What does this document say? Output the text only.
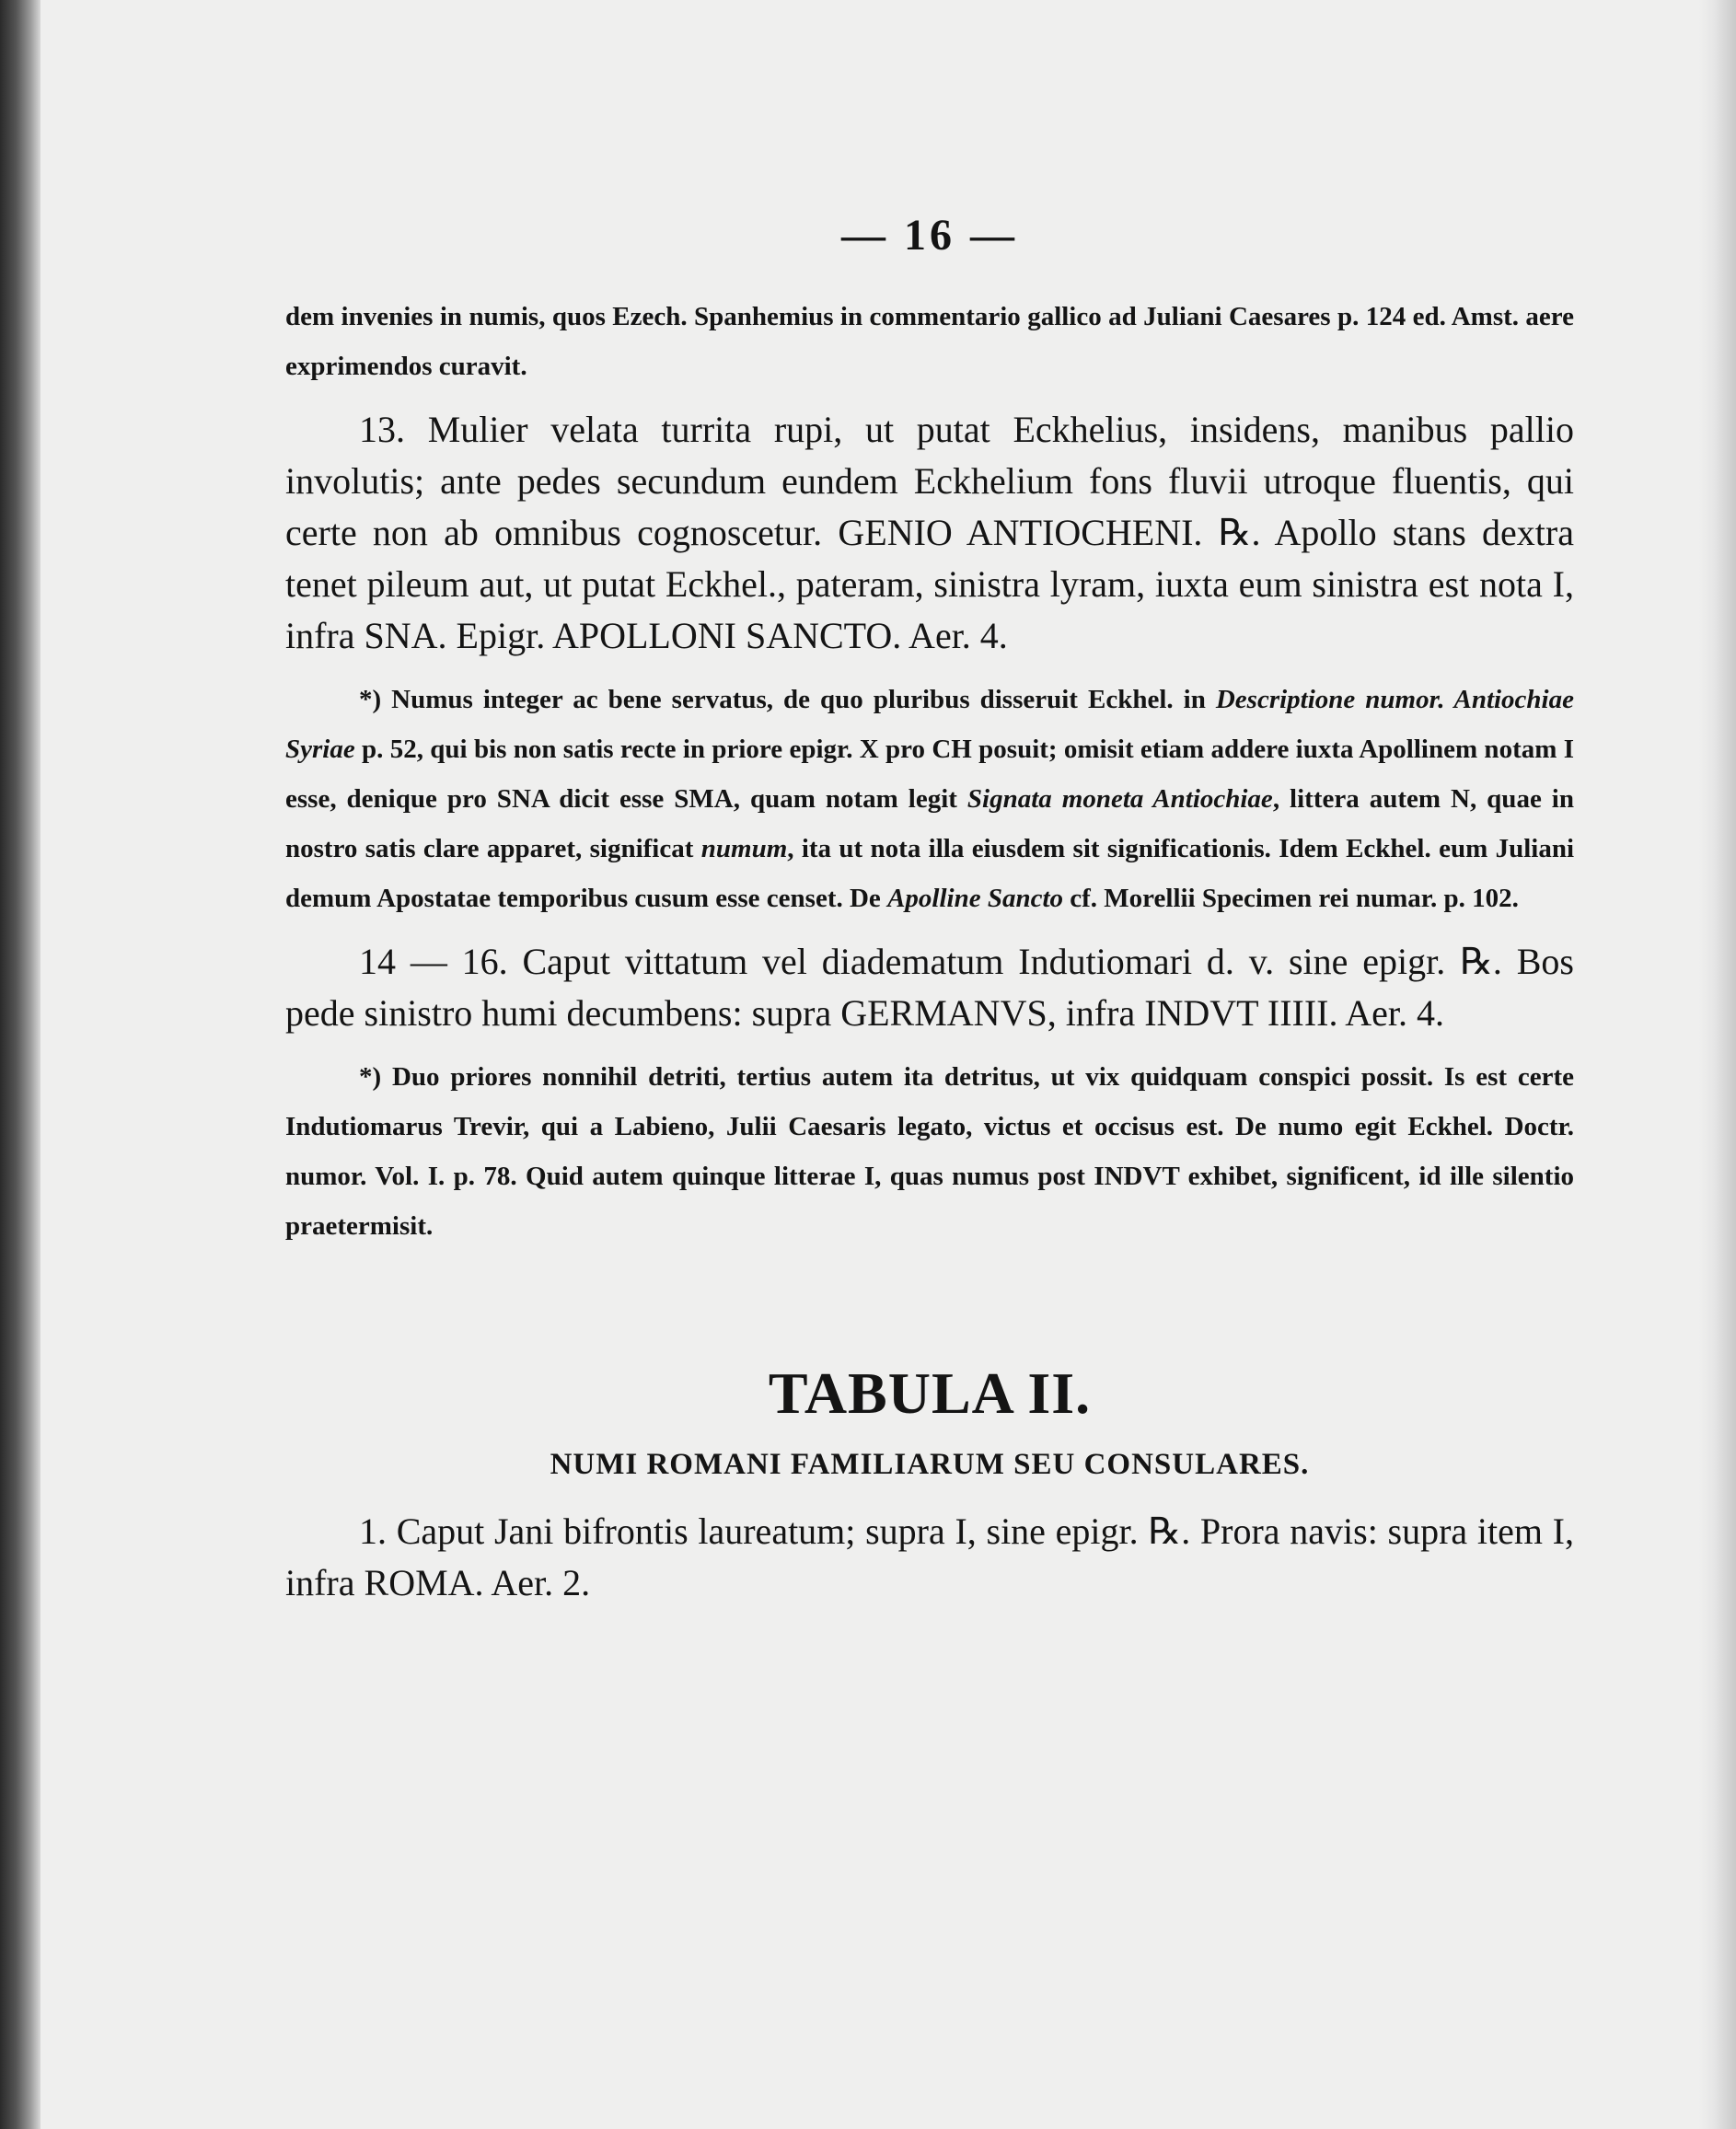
— 16 —

dem invenies in numis, quos Ezech. Spanhemius in commentario gallico ad Juliani Caesares p. 124 ed. Amst. aere exprimendos curavit.

13. Mulier velata turrita rupi, ut putat Eckhelius, insidens, manibus pallio involutis; ante pedes secundum eundem Eckhelium fons fluvii utroque fluentis, qui certe non ab omnibus cognoscetur. GENIO ANTIOCHENI. ℞. Apollo stans dextra tenet pileum aut, ut putat Eckhel., pateram, sinistra lyram, iuxta eum sinistra est nota I, infra SNA. Epigr. APOLLONI SANCTO. Aer. 4.

*) Numus integer ac bene servatus, de quo pluribus disseruit Eckhel. in Descriptione numor. Antiochiae Syriae p. 52, qui bis non satis recte in priore epigr. X pro CH posuit; omisit etiam addere iuxta Apollinem notam I esse, denique pro SNA dicit esse SMA, quam notam legit Signata moneta Antiochiae, littera autem N, quae in nostro satis clare apparet, significat numum, ita ut nota illa eiusdem sit significationis. Idem Eckhel. eum Juliani demum Apostatae temporibus cusum esse censet. De Apolline Sancto cf. Morellii Specimen rei numar. p. 102.

14 — 16. Caput vittatum vel diadematum Indutiomari d. v. sine epigr. ℞. Bos pede sinistro humi decumbens: supra GERMANVS, infra INDVT IIIII. Aer. 4.

*) Duo priores nonnihil detriti, tertius autem ita detritus, ut vix quidquam conspici possit. Is est certe Indutiomarus Trevir, qui a Labieno, Julii Caesaris legato, victus et occisus est. De numo egit Eckhel. Doctr. numor. Vol. I. p. 78. Quid autem quinque litterae I, quas numus post INDVT exhibet, significent, id ille silentio praetermisit.

TABULA II.
NUMI ROMANI FAMILIARUM SEU CONSULARES.

1. Caput Jani bifrontis laureatum; supra I, sine epigr. ℞. Prora navis: supra item I, infra ROMA. Aer. 2.
